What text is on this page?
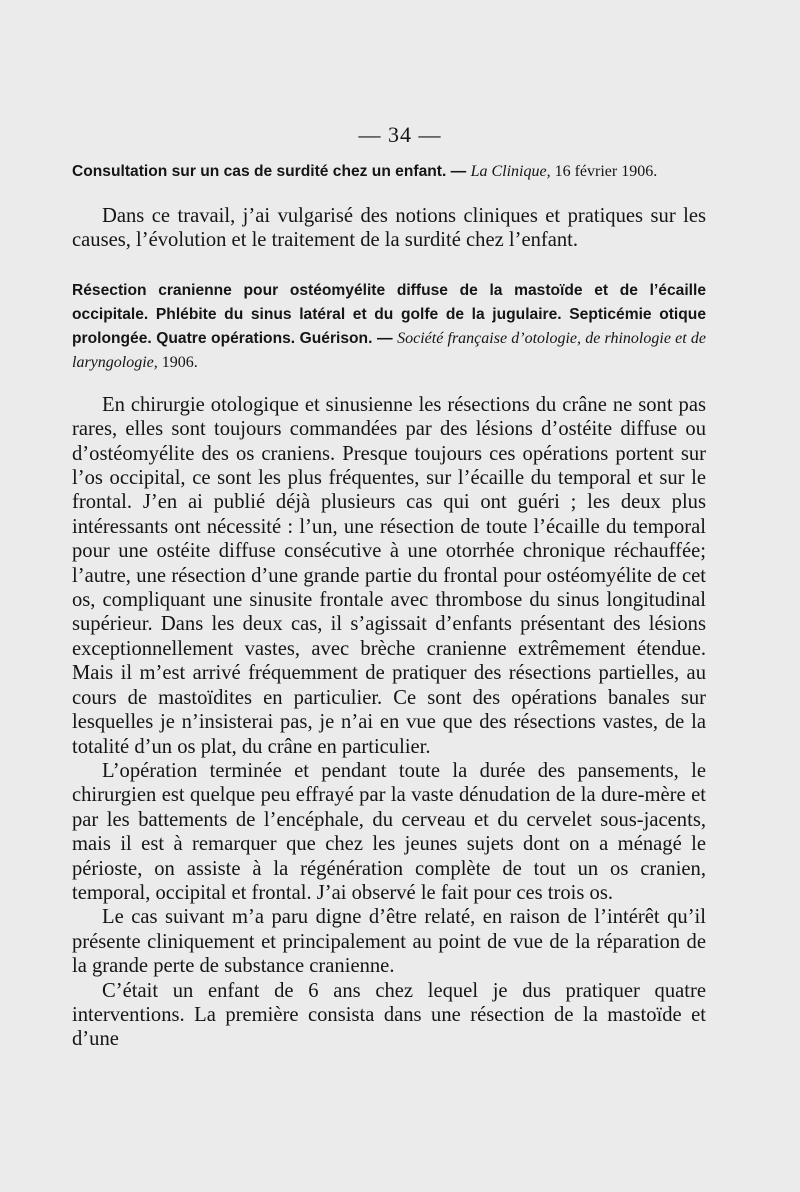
— 34 —

Consultation sur un cas de surdité chez un enfant. — La Clinique, 16 février 1906.

Dans ce travail, j’ai vulgarisé des notions cliniques et pratiques sur les causes, l’évolution et le traitement de la surdité chez l’enfant.

Résection cranienne pour ostéomyélite diffuse de la mastoïde et de l’écaille occipitale. Phlébite du sinus latéral et du golfe de la jugulaire. Septicémie otique prolongée. Quatre opérations. Guérison. — Société française d’otologie, de rhinologie et de laryngologie, 1906.

En chirurgie otologique et sinusienne les résections du crâne ne sont pas rares, elles sont toujours commandées par des lésions d’ostéite diffuse ou d’ostéomyélite des os craniens. Presque toujours ces opérations portent sur l’os occipital, ce sont les plus fréquentes, sur l’écaille du temporal et sur le frontal. J’en ai publié déjà plusieurs cas qui ont guéri ; les deux plus intéressants ont nécessité : l’un, une résection de toute l’écaille du temporal pour une ostéite diffuse consécutive à une otorrhée chronique réchauffée; l’autre, une résection d’une grande partie du frontal pour ostéomyélite de cet os, compliquant une sinusite frontale avec thrombose du sinus longitudinal supérieur. Dans les deux cas, il s’agissait d’enfants présentant des lésions exceptionnellement vastes, avec brèche cranienne extrêmement étendue. Mais il m’est arrivé fréquemment de pratiquer des résections partielles, au cours de mastoïdites en particulier. Ce sont des opérations banales sur lesquelles je n’insisterai pas, je n’ai en vue que des résections vastes, de la totalité d’un os plat, du crâne en particulier.

L’opération terminée et pendant toute la durée des pansements, le chirurgien est quelque peu effrayé par la vaste dénudation de la dure-mère et par les battements de l’encéphale, du cerveau et du cervelet sous-jacents, mais il est à remarquer que chez les jeunes sujets dont on a ménagé le périoste, on assiste à la régénération complète de tout un os cranien, temporal, occipital et frontal. J’ai observé le fait pour ces trois os.

Le cas suivant m’a paru digne d’être relaté, en raison de l’intérêt qu’il présente cliniquement et principalement au point de vue de la réparation de la grande perte de substance cranienne.

C’était un enfant de 6 ans chez lequel je dus pratiquer quatre interventions. La première consista dans une résection de la mastoïde et d’une
